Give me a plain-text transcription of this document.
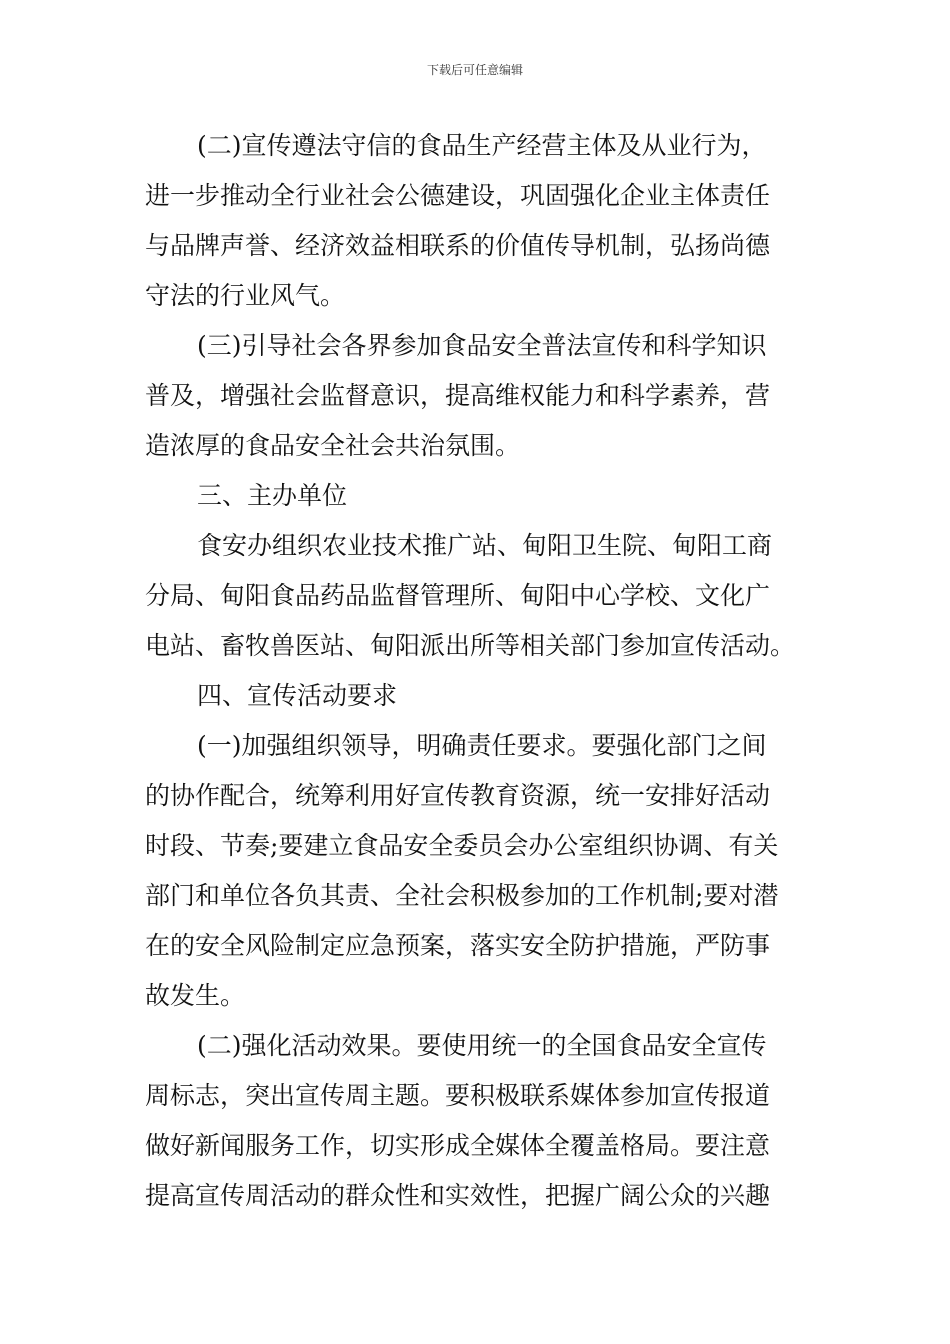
下载后可任意编辑
(二)宣传遵法守信的食品生产经营主体及从业行为，
进一步推动全行业社会公德建设，巩固强化企业主体责任
与品牌声誉、经济效益相联系的价值传导机制，弘扬尚德
守法的行业风气。
(三)引导社会各界参加食品安全普法宣传和科学知识
普及，增强社会监督意识，提高维权能力和科学素养，营
造浓厚的食品安全社会共治氛围。
三、主办单位
食安办组织农业技术推广站、甸阳卫生院、甸阳工商
分局、甸阳食品药品监督管理所、甸阳中心学校、文化广
电站、畜牧兽医站、甸阳派出所等相关部门参加宣传活动。
四、宣传活动要求
(一)加强组织领导，明确责任要求。要强化部门之间
的协作配合，统筹利用好宣传教育资源，统一安排好活动
时段、节奏;要建立食品安全委员会办公室组织协调、有关
部门和单位各负其责、全社会积极参加的工作机制;要对潜
在的安全风险制定应急预案，落实安全防护措施，严防事
故发生。
(二)强化活动效果。要使用统一的全国食品安全宣传
周标志，突出宣传周主题。要积极联系媒体参加宣传报道
做好新闻服务工作，切实形成全媒体全覆盖格局。要注意
提高宣传周活动的群众性和实效性，把握广阔公众的兴趣
